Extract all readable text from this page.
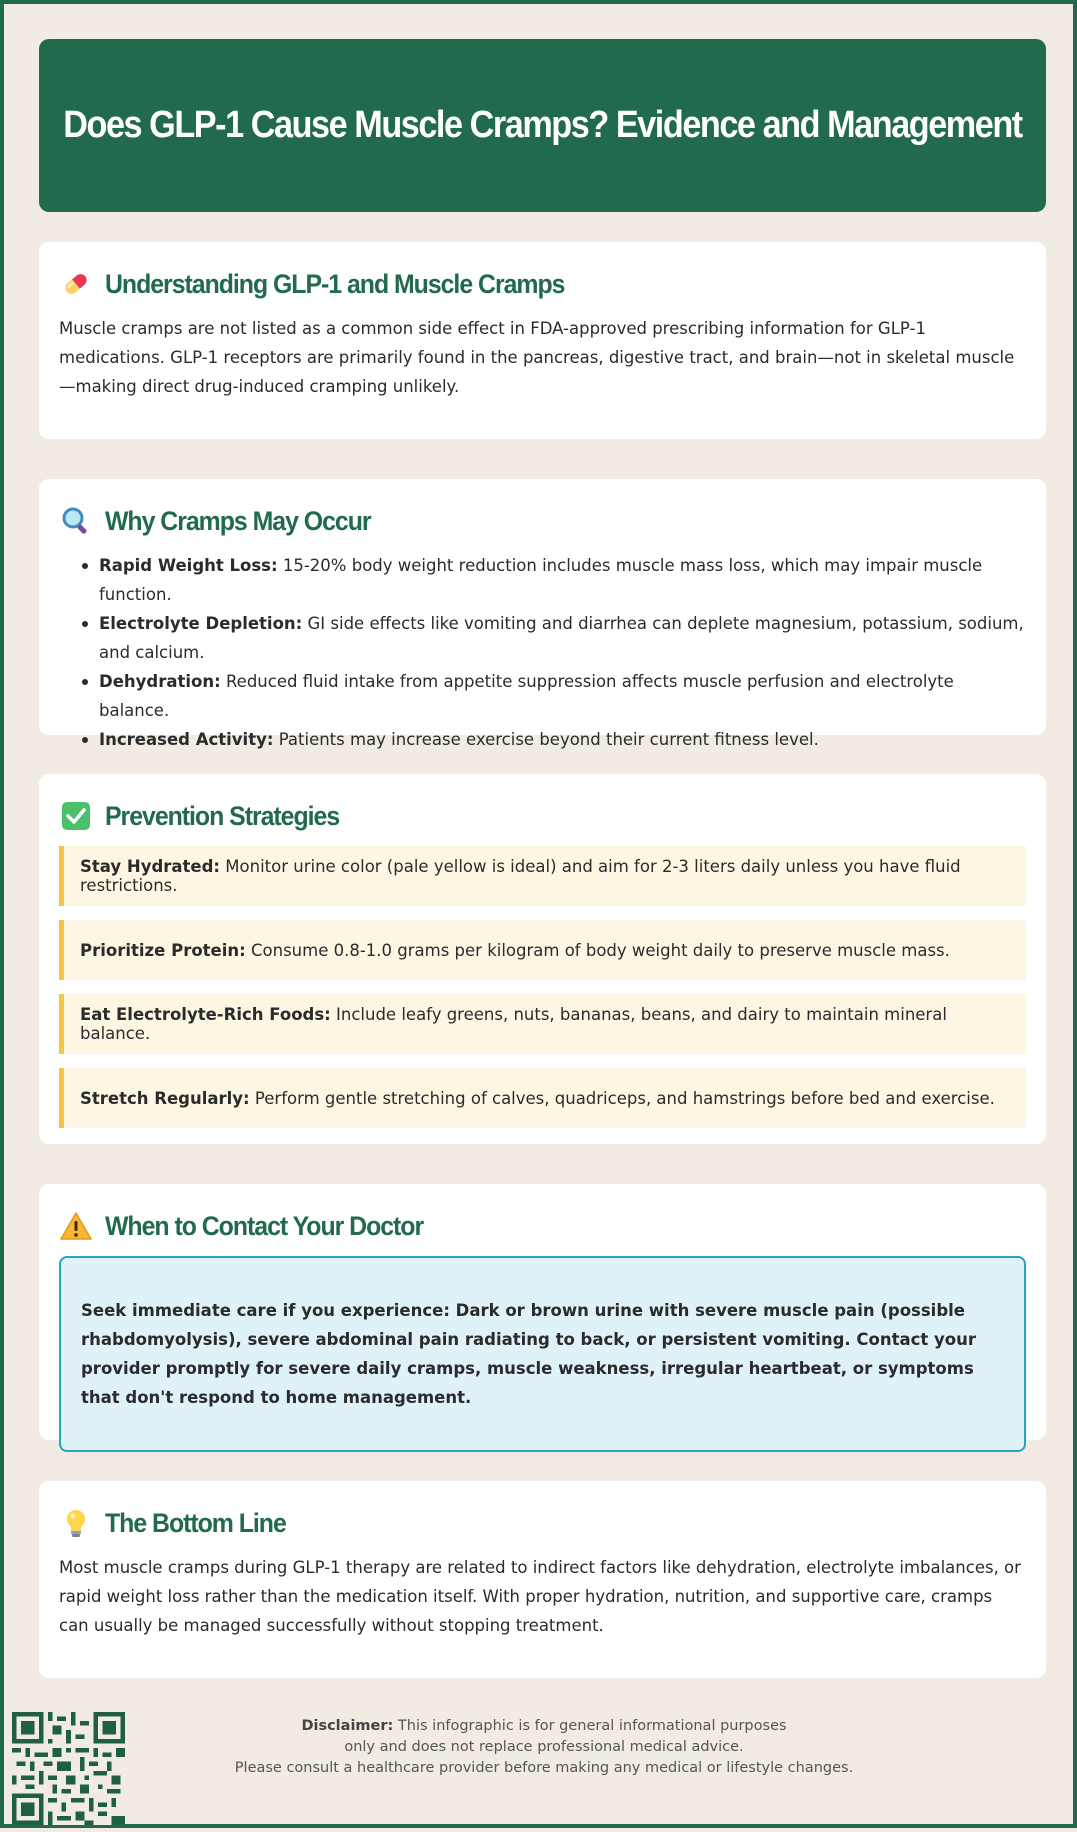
Does GLP-1 Cause Muscle Cramps? Evidence and Management
Understanding GLP-1 and Muscle Cramps

Muscle cramps are not listed as a common side effect in FDA-approved prescribing information for GLP-1 medications. GLP-1 receptors are primarily found in the pancreas, digestive tract, and brain—not in skeletal muscle—making direct drug-induced cramping unlikely.

Why Cramps May Occur
Rapid Weight Loss: 15-20% body weight reduction includes muscle mass loss, which may impair muscle function.
Electrolyte Depletion: GI side effects like vomiting and diarrhea can deplete magnesium, potassium, sodium, and calcium.
Dehydration: Reduced fluid intake from appetite suppression affects muscle perfusion and electrolyte balance.
Increased Activity: Patients may increase exercise beyond their current fitness level.
Prevention Strategies
Stay Hydrated: Monitor urine color (pale yellow is ideal) and aim for 2-3 liters daily unless you have fluid restrictions.
Prioritize Protein: Consume 0.8-1.0 grams per kilogram of body weight daily to preserve muscle mass.
Eat Electrolyte-Rich Foods: Include leafy greens, nuts, bananas, beans, and dairy to maintain mineral balance.
Stretch Regularly: Perform gentle stretching of calves, quadriceps, and hamstrings before bed and exercise.
When to Contact Your Doctor
Seek immediate care if you experience: Dark or brown urine with severe muscle pain (possible rhabdomyolysis), severe abdominal pain radiating to back, or persistent vomiting. Contact your provider promptly for severe daily cramps, muscle weakness, irregular heartbeat, or symptoms that don't respond to home management.
The Bottom Line

Most muscle cramps during GLP-1 therapy are related to indirect factors like dehydration, electrolyte imbalances, or rapid weight loss rather than the medication itself. With proper hydration, nutrition, and supportive care, cramps can usually be managed successfully without stopping treatment.

Disclaimer: This infographic is for general informational purposes
only and does not replace professional medical advice.
Please consult a healthcare provider before making any medical or lifestyle changes.
